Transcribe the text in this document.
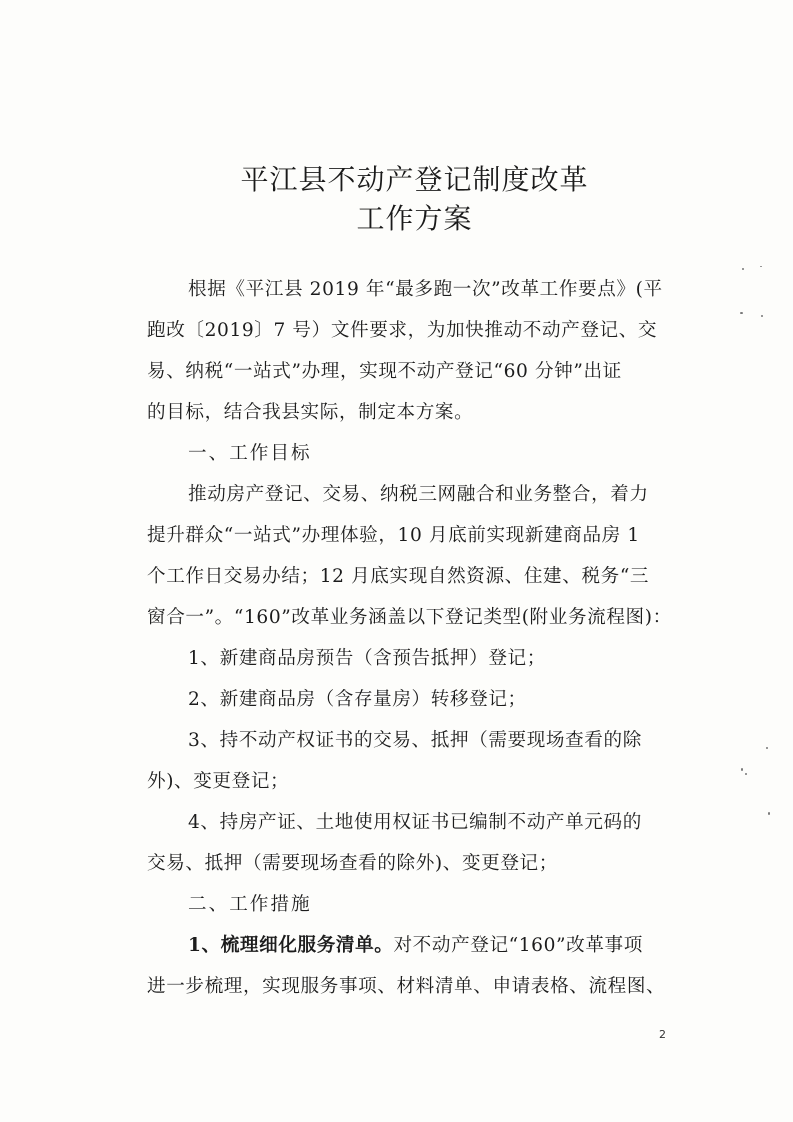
平江县不动产登记制度改革
工作方案
根据《平江县 2019 年“最多跑一次”改革工作要点》(平
跑改〔2019〕7 号）文件要求，为加快推动不动产登记、交
易、纳税“一站式”办理，实现不动产登记“60 分钟”出证
的目标，结合我县实际，制定本方案。
一、工作目标
推动房产登记、交易、纳税三网融合和业务整合，着力
提升群众“一站式”办理体验，10 月底前实现新建商品房 1
个工作日交易办结；12 月底实现自然资源、住建、税务“三
窗合一”。“160”改革业务涵盖以下登记类型(附业务流程图)：
1、新建商品房预告（含预告抵押）登记；
2、新建商品房（含存量房）转移登记；
3、持不动产权证书的交易、抵押（需要现场查看的除
外)、变更登记；
4、持房产证、土地使用权证书已编制不动产单元码的
交易、抵押（需要现场查看的除外)、变更登记；
二、工作措施
1、梳理细化服务清单。对不动产登记“160”改革事项
进一步梳理，实现服务事项、材料清单、申请表格、流程图、
2
